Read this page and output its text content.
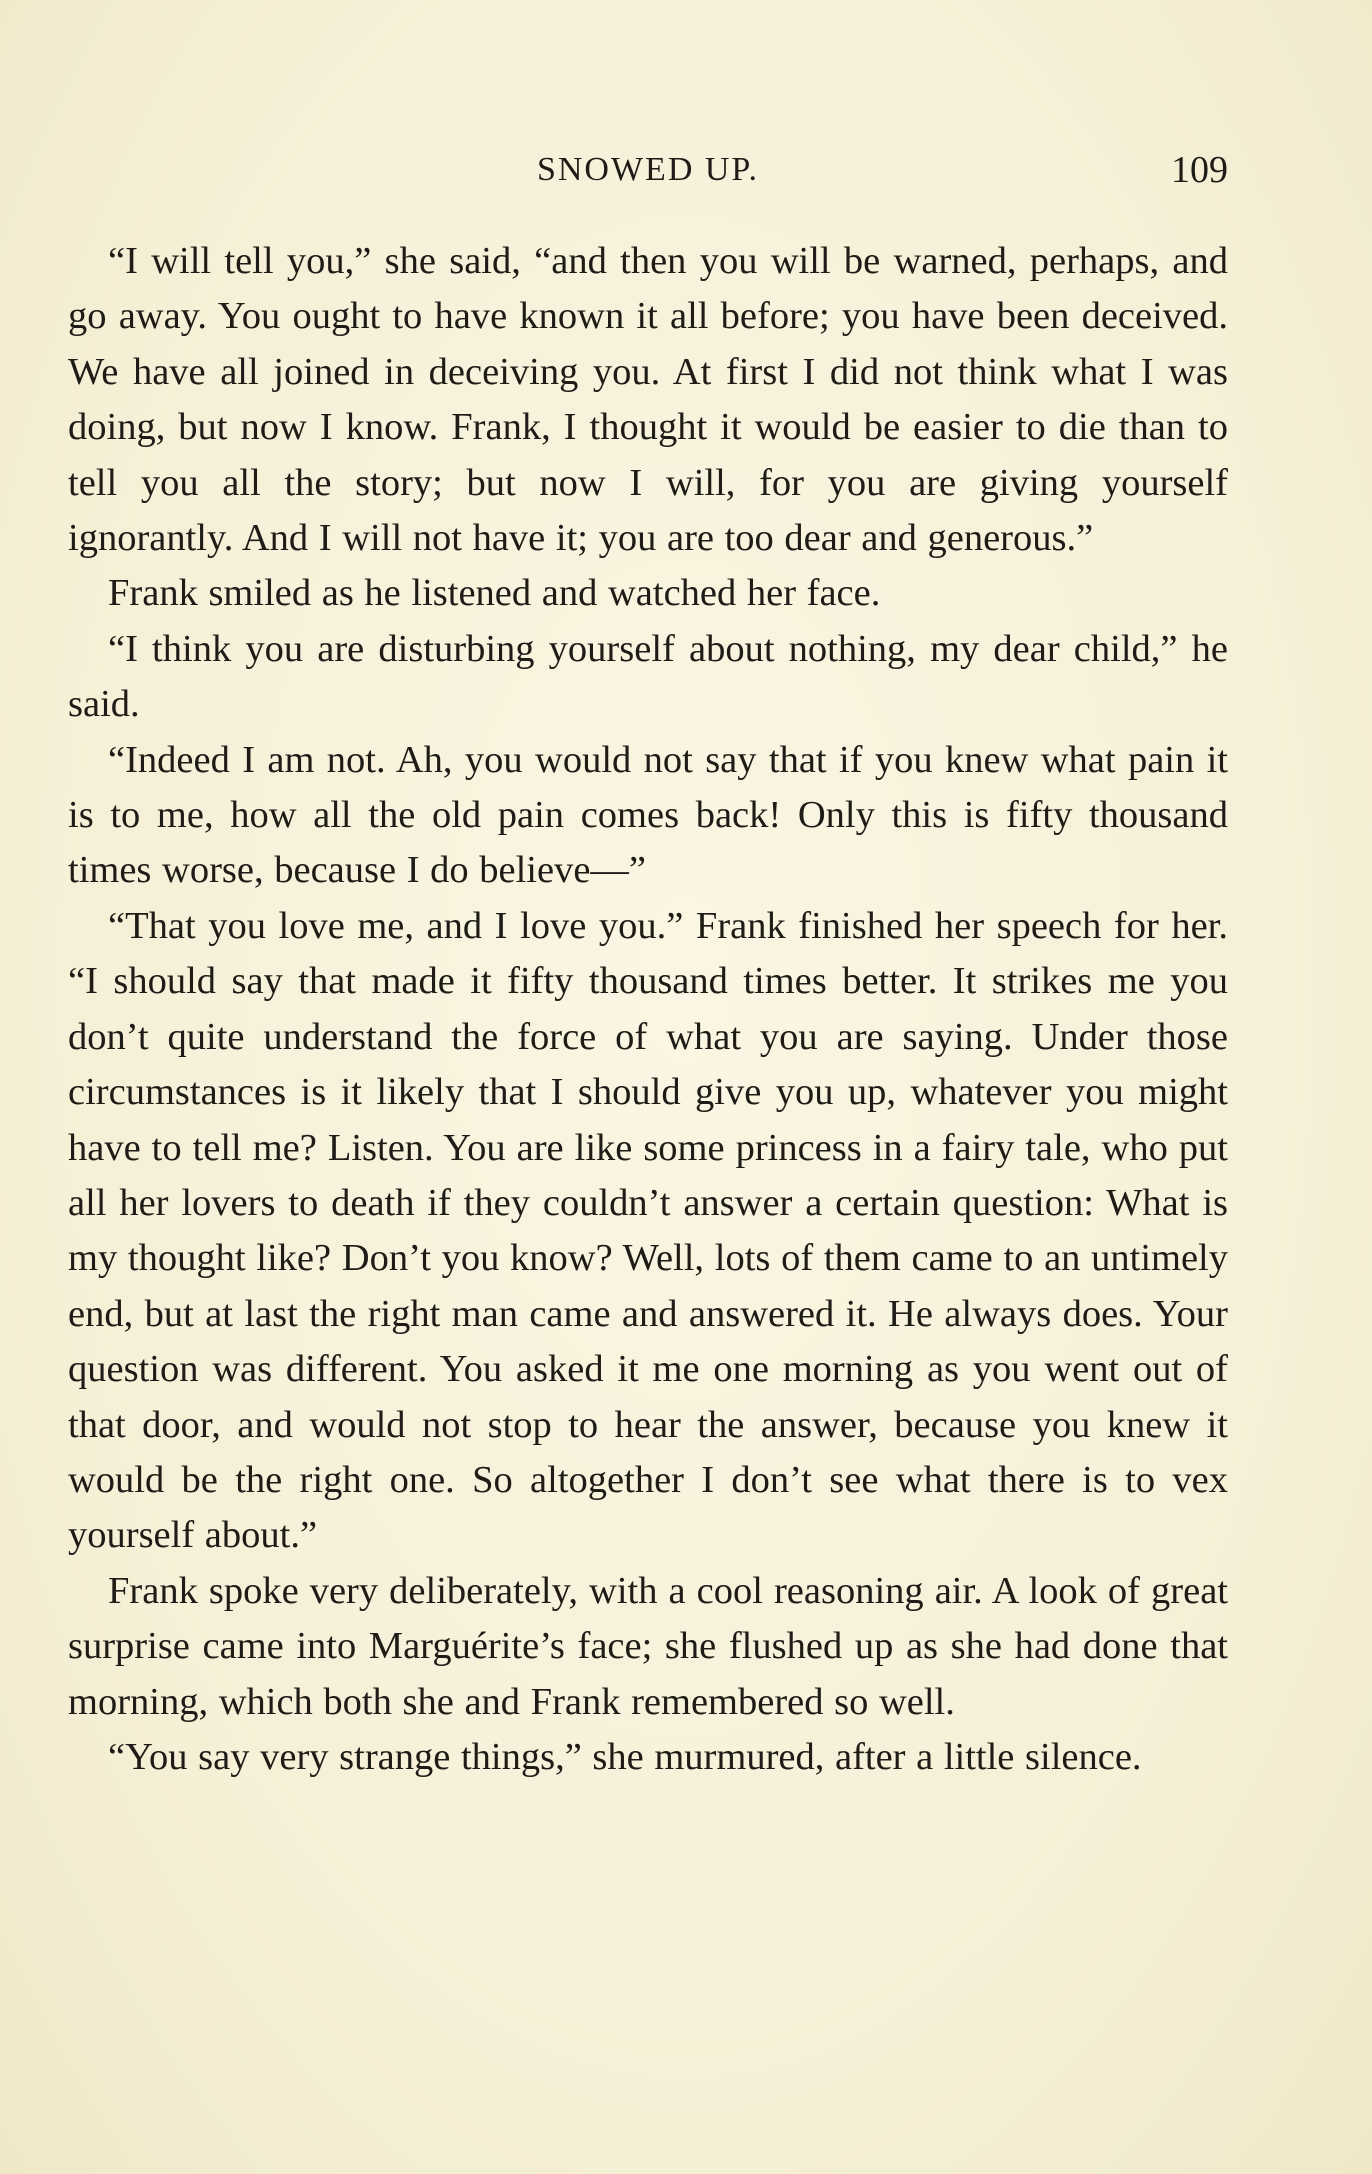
SNOWED UP.	109

“I will tell you,” she said, “and then you will be warned, perhaps, and go away. You ought to have known it all before; you have been deceived. We have all joined in deceiving you. At first I did not think what I was doing, but now I know. Frank, I thought it would be easier to die than to tell you all the story; but now I will, for you are giving yourself ignorantly. And I will not have it; you are too dear and generous.”

Frank smiled as he listened and watched her face.

“I think you are disturbing yourself about nothing, my dear child,” he said.

“Indeed I am not. Ah, you would not say that if you knew what pain it is to me, how all the old pain comes back! Only this is fifty thousand times worse, because I do believe—”

“That you love me, and I love you.” Frank finished her speech for her. “I should say that made it fifty thousand times better. It strikes me you don’t quite understand the force of what you are saying. Under those circumstances is it likely that I should give you up, whatever you might have to tell me? Listen. You are like some princess in a fairy tale, who put all her lovers to death if they couldn’t answer a certain question: What is my thought like? Don’t you know? Well, lots of them came to an untimely end, but at last the right man came and answered it. He always does. Your question was different. You asked it me one morning as you went out of that door, and would not stop to hear the answer, because you knew it would be the right one. So altogether I don’t see what there is to vex yourself about.”

Frank spoke very deliberately, with a cool reasoning air. A look of great surprise came into Marguérite’s face; she flushed up as she had done that morning, which both she and Frank remembered so well.

“You say very strange things,” she murmured, after a little silence.
